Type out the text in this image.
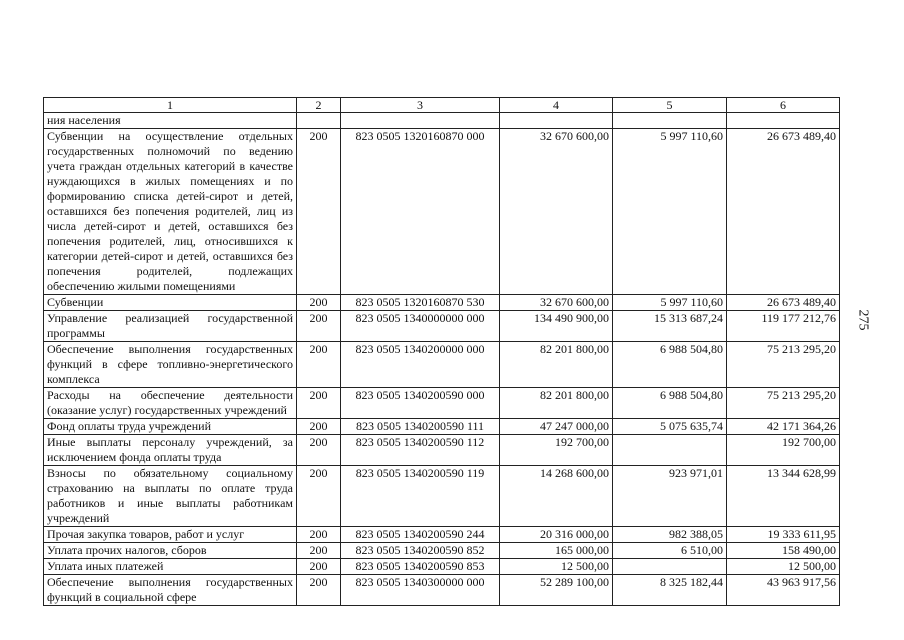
1	2	3	4	5	6
ния населения					
Субвенции на осуществление отдельных государственных полномочий по ведению учета граждан отдельных категорий в качестве нуждающихся в жилых помещениях и по формированию списка детей-сирот и детей, оставшихся без попечения родителей, лиц из числа детей-сирот и детей, оставшихся без попечения родителей, лиц, относившихся к категории детей-сирот и детей, оставшихся без попечения родителей, подлежащих обеспечению жилыми помещениями	200	823 0505 1320160870 000	32 670 600,00	5 997 110,60	26 673 489,40
Субвенции	200	823 0505 1320160870 530	32 670 600,00	5 997 110,60	26 673 489,40
Управление реализацией государственной программы	200	823 0505 1340000000 000	134 490 900,00	15 313 687,24	119 177 212,76
Обеспечение выполнения государственных функций в сфере топливно-энергетического комплекса	200	823 0505 1340200000 000	82 201 800,00	6 988 504,80	75 213 295,20
Расходы на обеспечение деятельности (оказание услуг) государственных учреждений	200	823 0505 1340200590 000	82 201 800,00	6 988 504,80	75 213 295,20
Фонд оплаты труда учреждений	200	823 0505 1340200590 111	47 247 000,00	5 075 635,74	42 171 364,26
Иные выплаты персоналу учреждений, за исключением фонда оплаты труда	200	823 0505 1340200590 112	192 700,00		192 700,00
Взносы по обязательному социальному страхованию на выплаты по оплате труда работников и иные выплаты работникам учреждений	200	823 0505 1340200590 119	14 268 600,00	923 971,01	13 344 628,99
Прочая закупка товаров, работ и услуг	200	823 0505 1340200590 244	20 316 000,00	982 388,05	19 333 611,95
Уплата прочих налогов, сборов	200	823 0505 1340200590 852	165 000,00	6 510,00	158 490,00
Уплата иных платежей	200	823 0505 1340200590 853	12 500,00		12 500,00
Обеспечение выполнения государственных функций в социальной сфере	200	823 0505 1340300000 000	52 289 100,00	8 325 182,44	43 963 917,56
275
